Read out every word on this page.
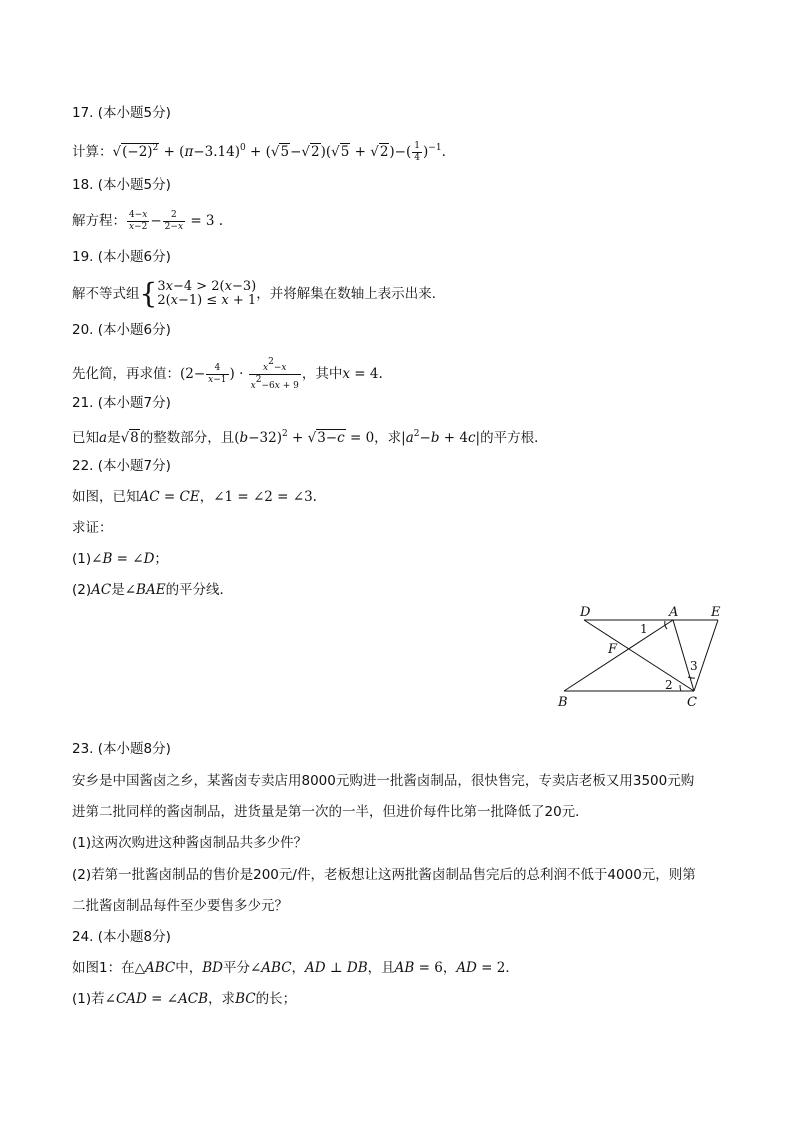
17. (本小题5分)
计算：$√(-2)^2 + (\pi-3.14)^0 + (√5-√2)(√5 + √2)-( \frac{1}{4} )^{-1}$.
18. (本小题5分)
解方程： $\frac{4-x}{x-2} - \frac{2}{2-x} = 3$ .
19. (本小题6分)
解不等式组{3x−4 > 2(x−3)
2(x−1) ≤ x + 1，并将解集在数轴上表示出来．
20. (本小题6分)
先化简，再求值：($2- \frac{4}{x-1}$ ) · $\frac{x^2-x}{x^2-6x + 9}$ ，其中x = 4.
21. (本小题7分)
已知a是√8的整数部分，且$(b-32)^2 + √3-c = 0$，求$|a^2-b + 4c|$的平方根．
22. (本小题7分)
如图，已知AC = CE，∠1 = ∠2 = ∠3.
求证：
(1)∠B = ∠D；
(2)AC是∠BAE的平分线．
D	A	E
F
B	C
1
2
3
23. (本小题8分)
安乡是中国酱卤之乡，某酱卤专卖店用8000元购进一批酱卤制品，很快售完，专卖店老板又用3500元购
进第二批同样的酱卤制品，进货量是第一次的一半，但进价每件比第一批降低了20元．
(1)这两次购进这种酱卤制品共多少件？
(2)若第一批酱卤制品的售价是200元/件，老板想让这两批酱卤制品售完后的总利润不低于4000元，则第
二批酱卤制品每件至少要售多少元？
24. (本小题8分)
如图1：在△ABC中，BD平分∠ABC，AD ⊥ DB，且AB = 6，AD = 2．
(1)若∠CAD = ∠ACB，求BC的长；
